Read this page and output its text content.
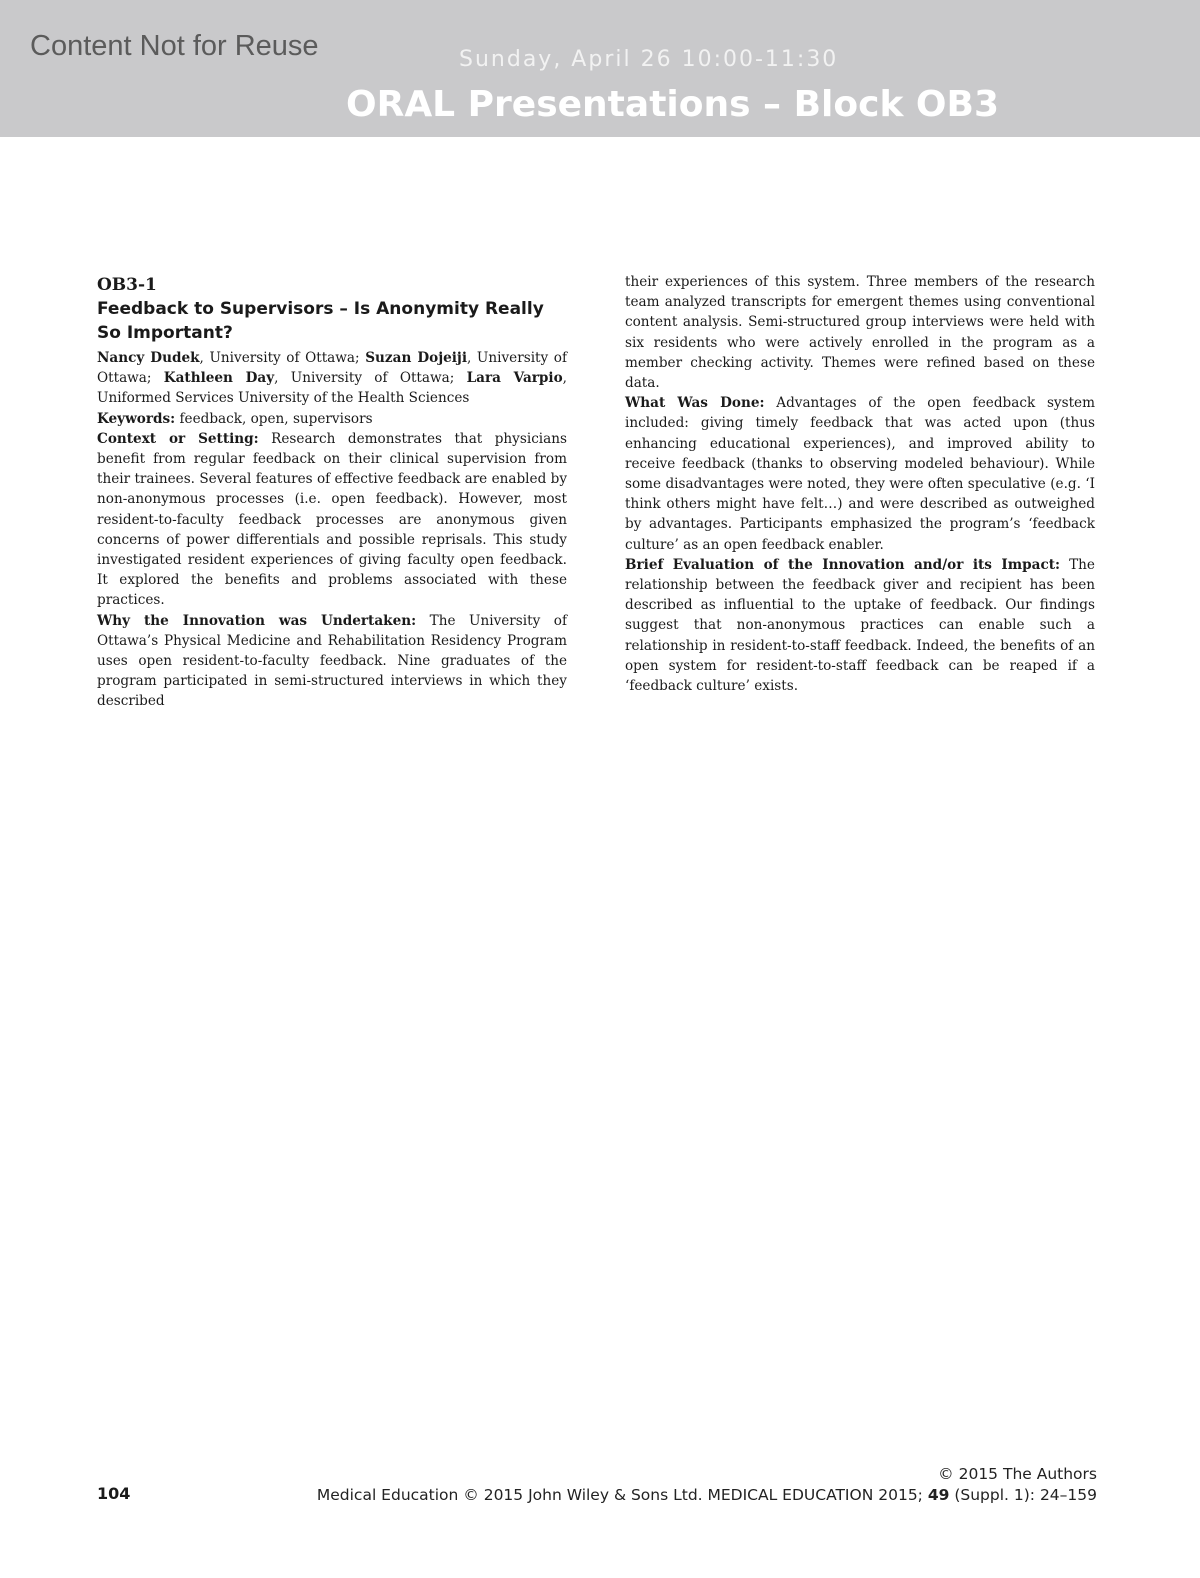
Content Not for Reuse	Sunday, April 26 10:00-11:30
ORAL Presentations – Block OB3
OB3-1
Feedback to Supervisors – Is Anonymity Really So Important?

Nancy Dudek, University of Ottawa; Suzan Dojeiji, University of Ottawa; Kathleen Day, University of Ottawa; Lara Varpio, Uniformed Services University of the Health Sciences

Keywords: feedback, open, supervisors

Context or Setting: Research demonstrates that physicians benefit from regular feedback on their clinical supervision from their trainees. Several features of effective feedback are enabled by non-anonymous processes (i.e. open feedback). However, most resident-to-faculty feedback processes are anonymous given concerns of power differentials and possible reprisals. This study investigated resident experiences of giving faculty open feedback. It explored the benefits and problems associated with these practices.

Why the Innovation was Undertaken: The University of Ottawa’s Physical Medicine and Rehabilitation Residency Program uses open resident-to-faculty feedback. Nine graduates of the program participated in semi-structured interviews in which they described

their experiences of this system. Three members of the research team analyzed transcripts for emergent themes using conventional content analysis. Semi-structured group interviews were held with six residents who were actively enrolled in the program as a member checking activity. Themes were refined based on these data.

What Was Done: Advantages of the open feedback system included: giving timely feedback that was acted upon (thus enhancing educational experiences), and improved ability to receive feedback (thanks to observing modeled behaviour). While some disadvantages were noted, they were often speculative (e.g. ‘I think others might have felt…) and were described as outweighed by advantages. Participants emphasized the program’s ‘feedback culture’ as an open feedback enabler.

Brief Evaluation of the Innovation and/or its Impact: The relationship between the feedback giver and recipient has been described as influential to the uptake of feedback. Our findings suggest that non-anonymous practices can enable such a relationship in resident-to-staff feedback. Indeed, the benefits of an open system for resident-to-staff feedback can be reaped if a ‘feedback culture’ exists.

104
© 2015 The Authors
Medical Education © 2015 John Wiley & Sons Ltd. MEDICAL EDUCATION 2015; 49 (Suppl. 1): 24–159
